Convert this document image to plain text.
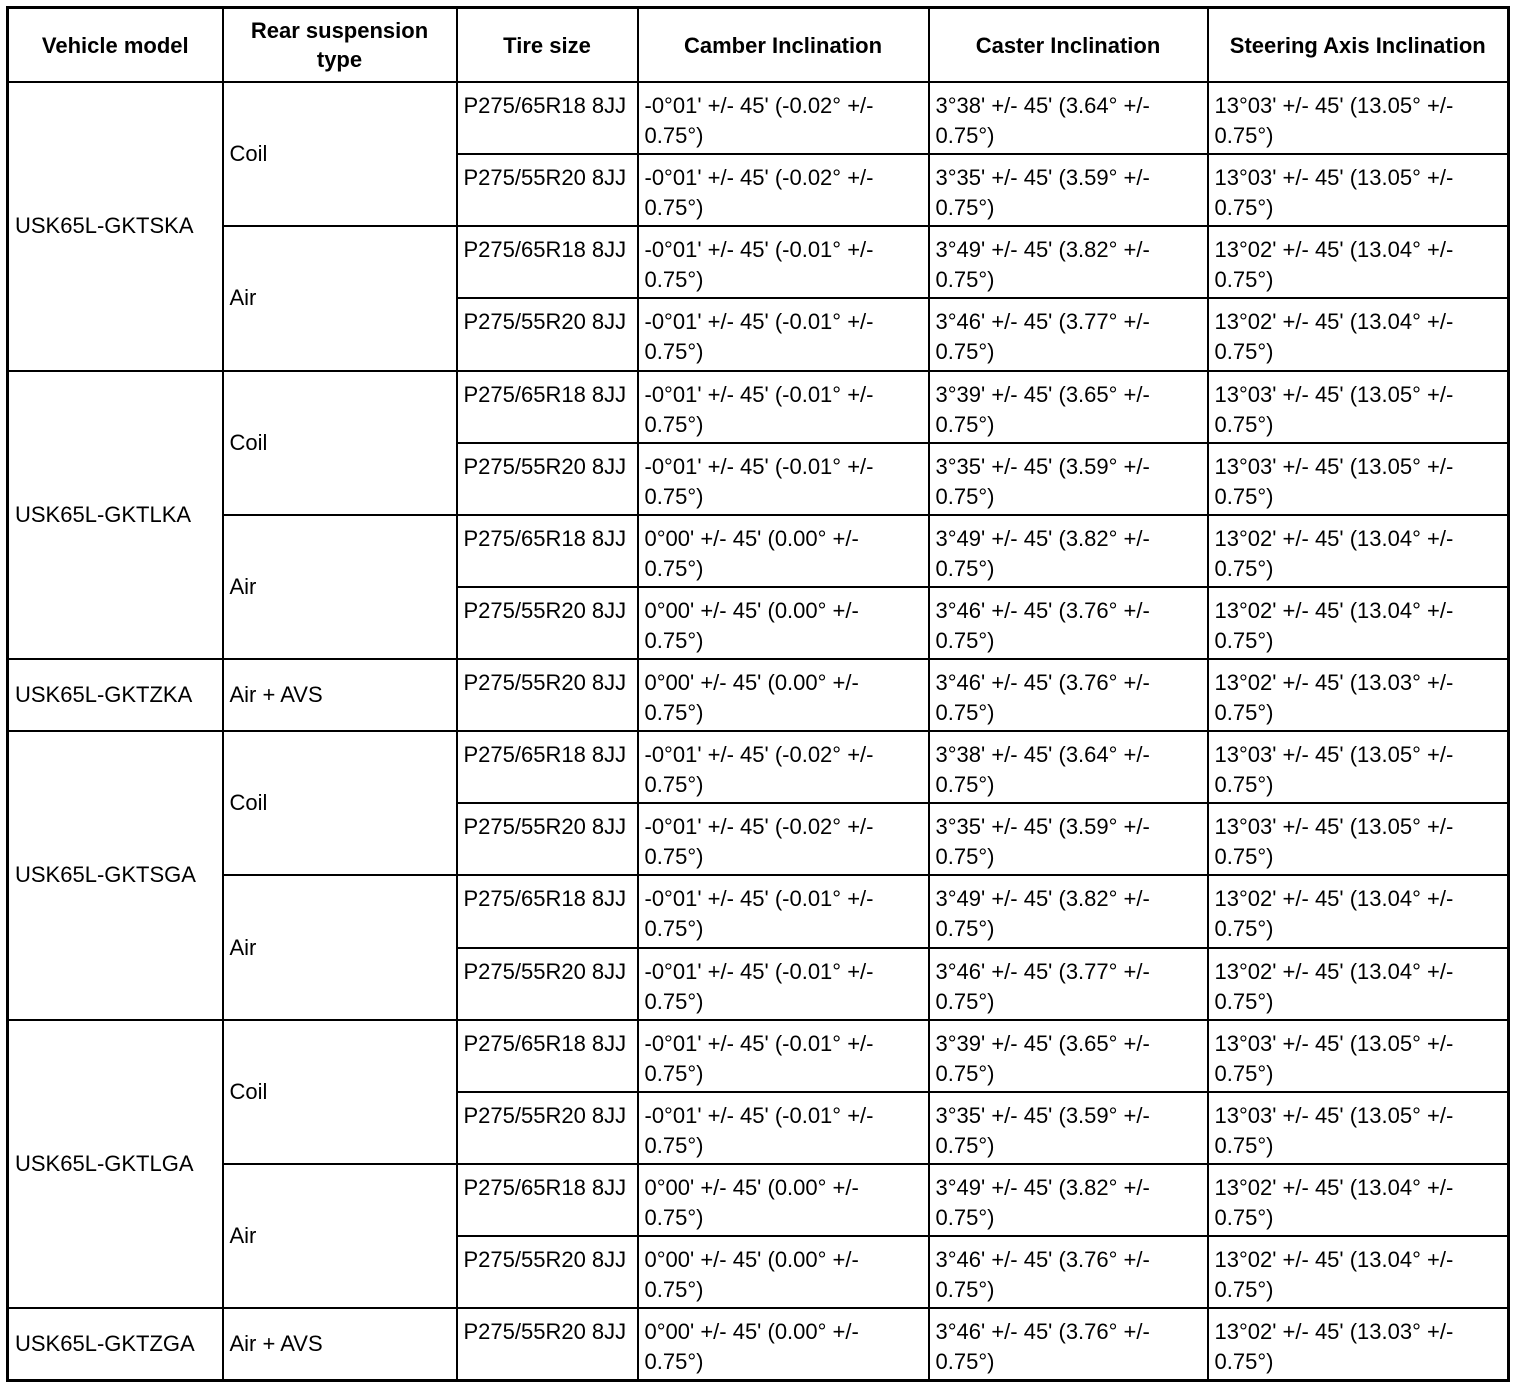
Vehicle model	Rear suspension type	Tire size	Camber Inclination	Caster Inclination	Steering Axis Inclination
USK65L-GKTSKA	Coil	P275/65R18 8JJ	-0°01' +/- 45' (-0.02° +/- 0.75°)	3°38' +/- 45' (3.64° +/- 0.75°)	13°03' +/- 45' (13.05° +/- 0.75°)
		P275/55R20 8JJ	-0°01' +/- 45' (-0.02° +/- 0.75°)	3°35' +/- 45' (3.59° +/- 0.75°)	13°03' +/- 45' (13.05° +/- 0.75°)
	Air	P275/65R18 8JJ	-0°01' +/- 45' (-0.01° +/- 0.75°)	3°49' +/- 45' (3.82° +/- 0.75°)	13°02' +/- 45' (13.04° +/- 0.75°)
		P275/55R20 8JJ	-0°01' +/- 45' (-0.01° +/- 0.75°)	3°46' +/- 45' (3.77° +/- 0.75°)	13°02' +/- 45' (13.04° +/- 0.75°)
USK65L-GKTLKA	Coil	P275/65R18 8JJ	-0°01' +/- 45' (-0.01° +/- 0.75°)	3°39' +/- 45' (3.65° +/- 0.75°)	13°03' +/- 45' (13.05° +/- 0.75°)
		P275/55R20 8JJ	-0°01' +/- 45' (-0.01° +/- 0.75°)	3°35' +/- 45' (3.59° +/- 0.75°)	13°03' +/- 45' (13.05° +/- 0.75°)
	Air	P275/65R18 8JJ	0°00' +/- 45' (0.00° +/- 0.75°)	3°49' +/- 45' (3.82° +/- 0.75°)	13°02' +/- 45' (13.04° +/- 0.75°)
		P275/55R20 8JJ	0°00' +/- 45' (0.00° +/- 0.75°)	3°46' +/- 45' (3.76° +/- 0.75°)	13°02' +/- 45' (13.04° +/- 0.75°)
USK65L-GKTZKA	Air + AVS	P275/55R20 8JJ	0°00' +/- 45' (0.00° +/- 0.75°)	3°46' +/- 45' (3.76° +/- 0.75°)	13°02' +/- 45' (13.03° +/- 0.75°)
USK65L-GKTSGA	Coil	P275/65R18 8JJ	-0°01' +/- 45' (-0.02° +/- 0.75°)	3°38' +/- 45' (3.64° +/- 0.75°)	13°03' +/- 45' (13.05° +/- 0.75°)
		P275/55R20 8JJ	-0°01' +/- 45' (-0.02° +/- 0.75°)	3°35' +/- 45' (3.59° +/- 0.75°)	13°03' +/- 45' (13.05° +/- 0.75°)
	Air	P275/65R18 8JJ	-0°01' +/- 45' (-0.01° +/- 0.75°)	3°49' +/- 45' (3.82° +/- 0.75°)	13°02' +/- 45' (13.04° +/- 0.75°)
		P275/55R20 8JJ	-0°01' +/- 45' (-0.01° +/- 0.75°)	3°46' +/- 45' (3.77° +/- 0.75°)	13°02' +/- 45' (13.04° +/- 0.75°)
USK65L-GKTLGA	Coil	P275/65R18 8JJ	-0°01' +/- 45' (-0.01° +/- 0.75°)	3°39' +/- 45' (3.65° +/- 0.75°)	13°03' +/- 45' (13.05° +/- 0.75°)
		P275/55R20 8JJ	-0°01' +/- 45' (-0.01° +/- 0.75°)	3°35' +/- 45' (3.59° +/- 0.75°)	13°03' +/- 45' (13.05° +/- 0.75°)
	Air	P275/65R18 8JJ	0°00' +/- 45' (0.00° +/- 0.75°)	3°49' +/- 45' (3.82° +/- 0.75°)	13°02' +/- 45' (13.04° +/- 0.75°)
		P275/55R20 8JJ	0°00' +/- 45' (0.00° +/- 0.75°)	3°46' +/- 45' (3.76° +/- 0.75°)	13°02' +/- 45' (13.04° +/- 0.75°)
USK65L-GKTZGA	Air + AVS	P275/55R20 8JJ	0°00' +/- 45' (0.00° +/- 0.75°)	3°46' +/- 45' (3.76° +/- 0.75°)	13°02' +/- 45' (13.03° +/- 0.75°)
